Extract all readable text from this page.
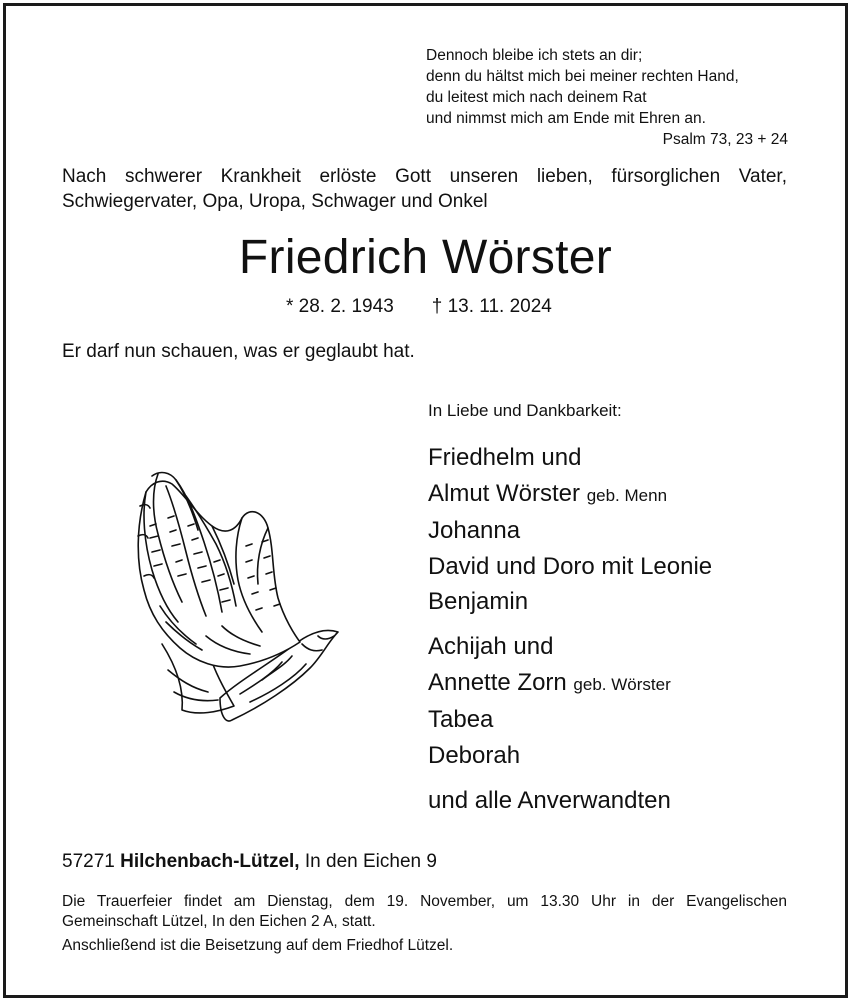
Dennoch bleibe ich stets an dir;
denn du hältst mich bei meiner rechten Hand,
du leitest mich nach deinem Rat
und nimmst mich am Ende mit Ehren an.
Psalm 73, 23 + 24
Nach schwerer Krankheit erlöste Gott unseren lieben, fürsorglichen Vater, Schwiegervater, Opa, Uropa, Schwager und Onkel
Friedrich Wörster
* 28. 2. 1943 † 13. 11. 2024
Er darf nun schauen, was er geglaubt hat.
In Liebe und Dankbarkeit:
Friedhelm und
Almut Wörster geb. Menn
Johanna
David und Doro mit Leonie
Benjamin
Achijah und
Annette Zorn geb. Wörster
Tabea
Deborah
und alle Anverwandten
57271 Hilchenbach-Lützel, In den Eichen 9
Die Trauerfeier findet am Dienstag, dem 19. November, um 13.30 Uhr in der Evangelischen Gemeinschaft Lützel, In den Eichen 2 A, statt.
Anschließend ist die Beisetzung auf dem Friedhof Lützel.
